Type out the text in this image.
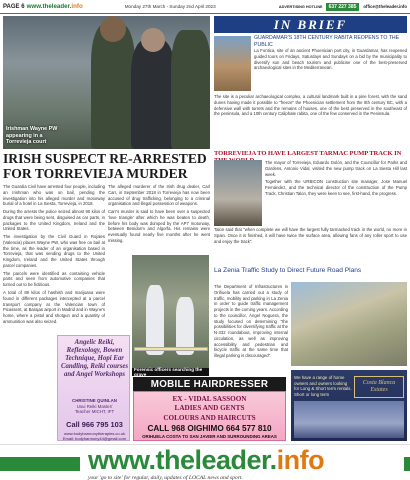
PAGE 6 www.theleader.info	Monday 27th March - Sunday 2nd April 2023	ADVERTISING HOTLINE	637 227 385	office@theleader.info
Irishman Wayne PW appearing in a Torrevieja court
IRISH SUSPECT RE-ARRESTED FOR TORREVIEJA MURDER

The Guardia Civil have arrested four people, including an Irishman who was on bail, pending the investigation into his alleged murder and motorway burial of a hotel in La Siesta, Torrevieja, in 2018.

During the arrests the police seized almost 90 kilos of drugs that were being sent, disguised as car parts, in packages to the United Kingdom, Ireland and the United States.

The investigation by the Civil Guard in Rojales (Valencia) places Wayne PW, who was free on bail at the time, as the leader of an organisation based in Torrevieja, that was sending drugs to the United Kingdom, Ireland and the United States through parcel companies.

The parcels were identified as containing vehicle parts and seen from automotive companies that turned out to be fictitious.

A total of 89 kilos of hashish and marijuana were found in different packages intercepted at a parcel transport company at the Valencian town of Picassent, at Barajas airport in Madrid and in Wayne's home, where a pistol and shotgun and a quantity of ammunition was also seized.

The alleged murderer of the Irish drug dealer, Carl Carr, in September 2018 in Torrevieja has now been accused of drug trafficking, belonging to a criminal organisation and illegal possession of weapons.

Carr's murder is said to have been over a suspected 'love triangle' after which he was beaten to death, before his body was dumped by the AP7 motorway, between Benidorm and Algorfa. His remains were eventually found nearly five months after he went missing.

Forensic officers searching the grave
Angelic Reiki, Reflexology, Bowen Technique, Hopi Ear Candling, Reiki courses and Angel Workshops
CHRISTINE QUINLAN
Usui Reiki Master/
Teacher MICHT, IFT
Call 966 795 103
www.bodyharmonytherapies.co.uk
Email: bodyharmony44@gmail.com
IN BRIEF
GUARDAMAR'S 18TH CENTURY RABITA REOPENS TO THE PUBLIC

La Fontica, site of an ancient Phoenician port city, in Guardamar, has reopened guided tours on Fridays, Saturdays and Sundays on a bid by the municipality to diversify sun and beach tourism and publicise one of the best-preserved archaeological sites in the Mediterranean.

The site is a peculiar archaeological complex, a cultural landmark built in a pine forest, with the sand dunes having made it possible to "freeze" the Phoenician settlement from the 8th century BC, with a defensive wall with turrets and the remains of houses, one of the best preserved in the southeast of the peninsula, and a 10th century Caliphate rabita, one of the few conserved in the Peninsula.

TORREVIEJA TO HAVE LARGEST TARMAC PUMP TRACK IN

The mayor of Torrevieja, Eduardo Dolón, and the Councillor for Parks and Gardens, Antonio Vidal, visited the new pump track on La Siesta Hill last week.

Together with the URBICON construction site manager, Jose Manuel Fernández, and the technical director of the construction of the Pump Track, Christian Talon, they were keen to see, first-hand, the progress.

Talon said that "when complete we will have the largest fully tarmacked track in the world, no more in Spain. Once it is finished, it will have twice the surface area, allowing fans of any roller sport to use and enjoy the track".

La Zenia Traffic Study to Direct Future Road Plans

The Department of Infrastructures in Orihuela has carried out a study of traffic, mobility and parking in La Zenia in order to guide traffic management projects in the coming years. According to the councillor, Ángel Noguera, the study focused on determining "the possibilities for diversifying traffic at the N-332 roundabout, improving internal circulation, as well as improving accessibility and pedestrian and bicycle traffic at the same time that illegal parking is discouraged".

MOBILE HAIRDRESSER
EX - VIDAL SASSOON
LADIES AND GENTS
COLOURS AND HAIRCUTS
CALL 968 OIGHIMO 664 577 810
ORIHUELA COSTA TO SAN JAVIER AND SURROUNDING AREAS
We have a range of home owners and owners looking for Long & Short term rentals. Short or long term
Costa Blanca Estates
www.theleader.info
your 'go to site' for regular, daily, updates of LOCAL news and sport.
